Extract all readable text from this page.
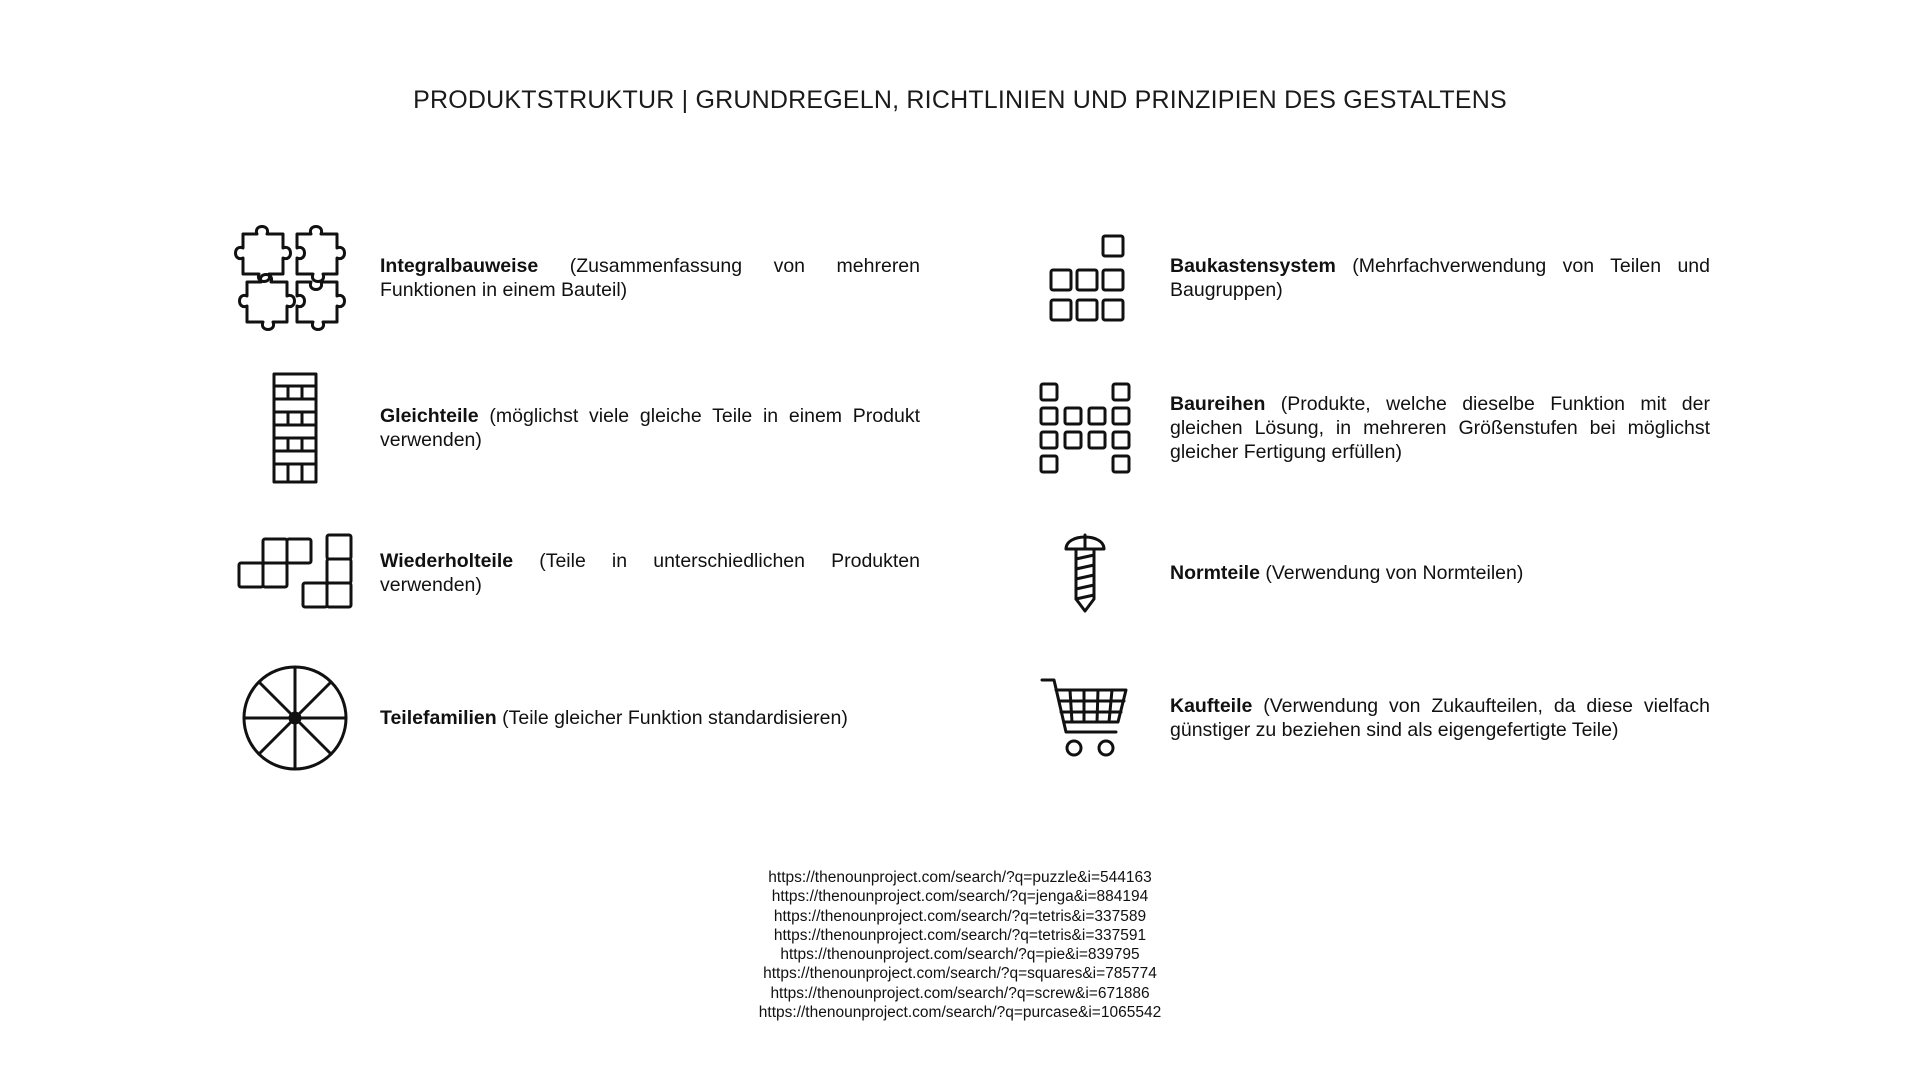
PRODUKTSTRUKTUR | GRUNDREGELN, RICHTLINIEN UND PRINZIPIEN DES GESTALTENS

Integralbauweise (Zusammenfassung von mehreren Funktionen in einem Bauteil)

Gleichteile (möglichst viele gleiche Teile in einem Produkt verwenden)

Wiederholteile (Teile in unterschiedlichen Produkten verwenden)

Teilefamilien (Teile gleicher Funktion standardisieren)

Baukastensystem (Mehrfachverwendung von Teilen und Baugruppen)

Baureihen (Produkte, welche dieselbe Funktion mit der gleichen Lösung, in mehreren Größenstufen bei möglichst gleicher Fertigung erfüllen)

Normteile (Verwendung von Normteilen)

Kaufteile (Verwendung von Zukaufteilen, da diese vielfach günstiger zu beziehen sind als eigengefertigte Teile)

https://thenounproject.com/search/?q=puzzle&i=544163
https://thenounproject.com/search/?q=jenga&i=884194
https://thenounproject.com/search/?q=tetris&i=337589
https://thenounproject.com/search/?q=tetris&i=337591
https://thenounproject.com/search/?q=pie&i=839795
https://thenounproject.com/search/?q=squares&i=785774
https://thenounproject.com/search/?q=screw&i=671886
https://thenounproject.com/search/?q=purcase&i=1065542
